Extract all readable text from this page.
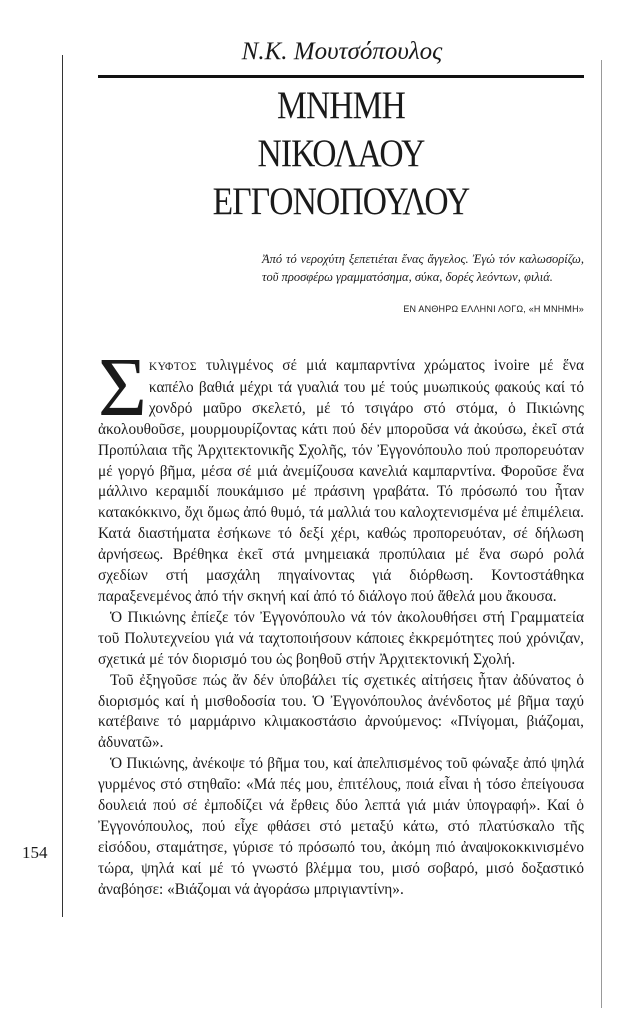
Ν.Κ. Μουτσόπουλος

ΜΝΗΜΗ
ΝΙΚΟΛΑΟΥ ΕΓΓΟΝΟΠΟΥΛΟΥ

Ἀπό τό νεροχύτη ξεπετιέται ἕνας ἄγγελος. Ἐγώ τόν καλωσορίζω, τοῦ προσφέρω γραμματόσημα, σύκα, δορές λεόντων, φιλιά.

ΕΝ ΑΝΘΗΡΩ ΕΛΛΗΝΙ ΛΟΓΩ, «Η ΜΝΗΜΗ»

Σ ΚΥΦΤΟΣ τυλιγμένος σέ μιά καμπαρντίνα χρώματος ivoire μέ ἕνα καπέλο βαθιά μέχρι τά γυαλιά του μέ τούς μυωπικούς φακούς καί τό χονδρό μαῦρο σκελετό, μέ τό τσιγάρο στό στόμα, ὁ Πικιώνης ἀκολουθοῦσε, μουρμουρίζοντας κάτι πού δέν μποροῦσα νά ἀκούσω, ἐκεῖ στά Προπύλαια τῆς Ἀρχιτεκτονικῆς Σχολῆς, τόν Ἐγγονόπουλο πού προπορευόταν μέ γοργό βῆμα, μέσα σέ μιά ἀνεμίζουσα κανελιά καμπαρντίνα. Φοροῦσε ἕνα μάλλινο κεραμιδί πουκάμισο μέ πράσινη γραβάτα. Τό πρόσωπό του ἦταν κατακόκκινο, ὄχι ὅμως ἀπό θυμό, τά μαλλιά του καλοχτενισμένα μέ ἐπιμέλεια. Κατά διαστήματα ἐσήκωνε τό δεξί χέρι, καθώς προπορευόταν, σέ δήλωση ἀρνήσεως. Βρέθηκα ἐκεῖ στά μνημειακά προπύλαια μέ ἕνα σωρό ρολά σχεδίων στή μασχάλη πηγαίνοντας γιά διόρθωση. Κοντοστάθηκα παραξενεμένος ἀπό τήν σκηνή καί ἀπό τό διάλογο πού ἄθελά μου ἄκουσα.

Ὁ Πικιώνης ἐπίεζε τόν Ἐγγονόπουλο νά τόν ἀκολουθήσει στή Γραμματεία τοῦ Πολυτεχνείου γιά νά ταχτοποιήσουν κάποιες ἐκκρεμότητες πού χρόνιζαν, σχετικά μέ τόν διορισμό του ὡς βοηθοῦ στήν Ἀρχιτεκτονική Σχολή.

Τοῦ ἐξηγοῦσε πώς ἄν δέν ὑποβάλει τίς σχετικές αἰτήσεις ἦταν ἀδύνατος ὁ διορισμός καί ἡ μισθοδοσία του. Ὁ Ἐγγονόπουλος ἀνένδοτος μέ βῆμα ταχύ κατέβαινε τό μαρμάρινο κλιμακοστάσιο ἀρνούμενος: «Πνίγομαι, βιάζομαι, ἀδυνατῶ».

Ὁ Πικιώνης, ἀνέκοψε τό βῆμα του, καί ἀπελπισμένος τοῦ φώναξε ἀπό ψηλά γυρμένος στό στηθαῖο: «Μά πές μου, ἐπιτέλους, ποιά εἶναι ἡ τόσο ἐπείγουσα δουλειά πού σέ ἐμποδίζει νά ἔρθεις δύο λεπτά γιά μιάν ὑπογραφή». Καί ὁ Ἐγγονόπουλος, πού εἶχε φθάσει στό μεταξύ κάτω, στό πλατύσκαλο τῆς εἰσόδου, σταμάτησε, γύρισε τό πρόσωπό του, ἀκόμη πιό ἀναψοκοκκινισμένο τώρα, ψηλά καί μέ τό γνωστό βλέμμα του, μισό σοβαρό, μισό δοξαστικό ἀναβόησε: «Βιάζομαι νά ἀγοράσω μπριγιαντίνη».

154
